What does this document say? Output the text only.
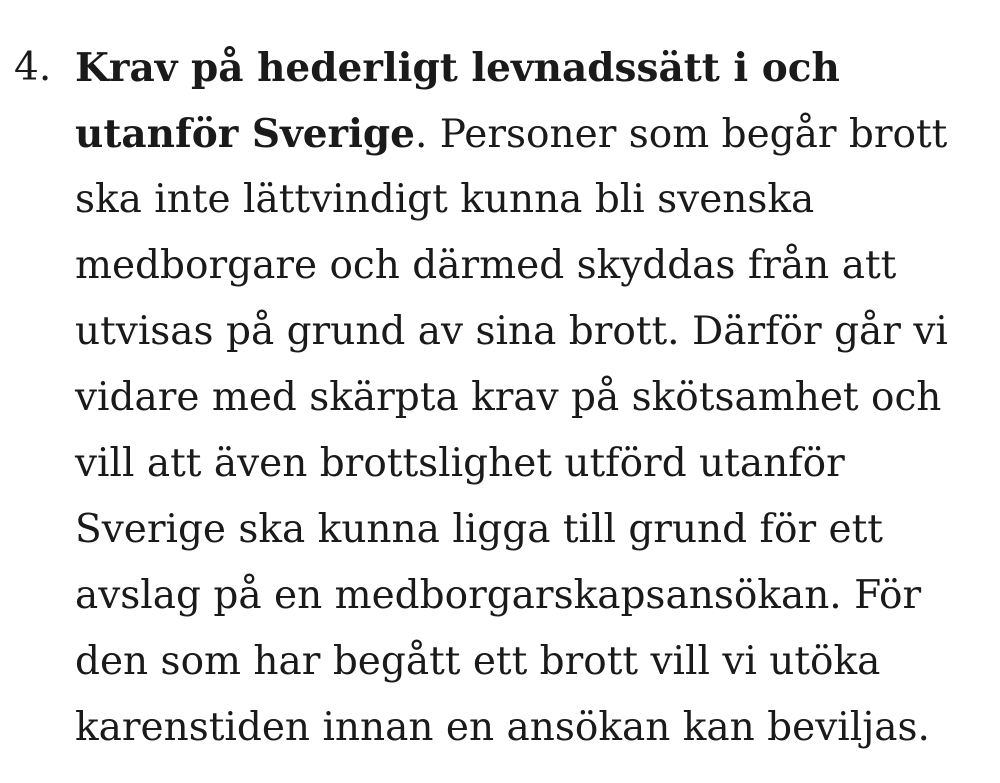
4. Krav på hederligt levnadssätt i och
utanför Sverige. Personer som begår brott
ska inte lättvindigt kunna bli svenska
medborgare och därmed skyddas från att
utvisas på grund av sina brott. Därför går vi
vidare med skärpta krav på skötsamhet och
vill att även brottslighet utförd utanför
Sverige ska kunna ligga till grund för ett
avslag på en medborgarskapsansökan. För
den som har begått ett brott vill vi utöka
karenstiden innan en ansökan kan beviljas.
